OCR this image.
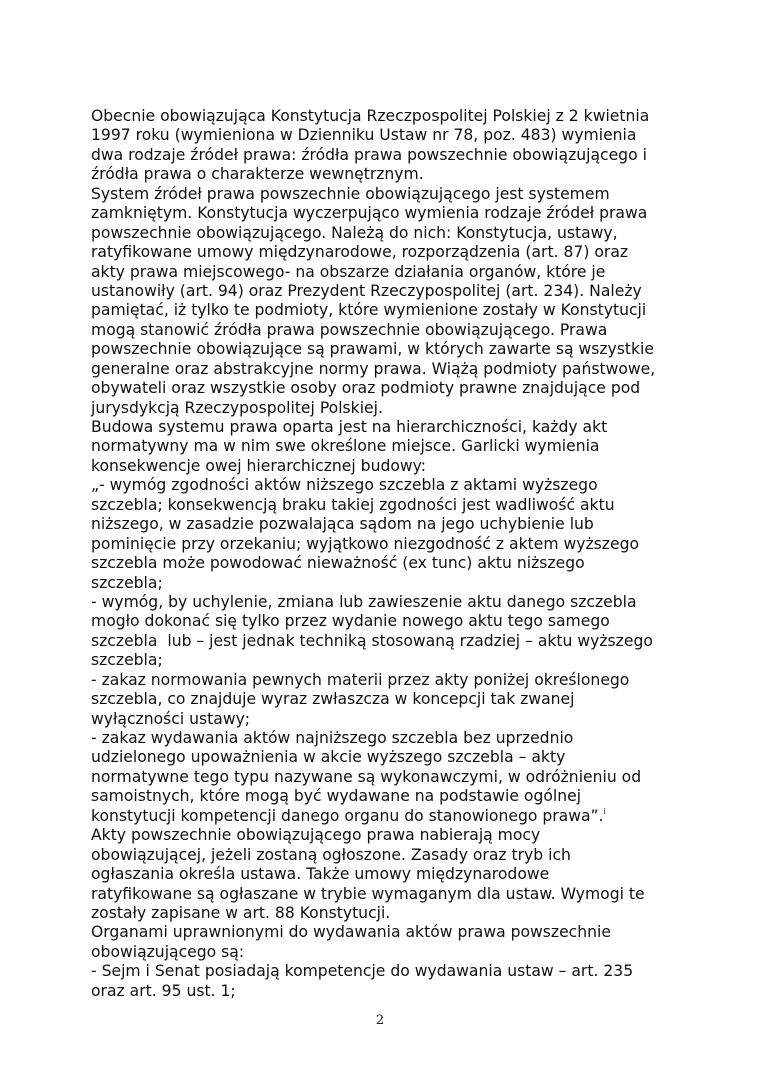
Obecnie obowiązująca Konstytucja Rzeczpospolitej Polskiej z 2 kwietnia
1997 roku (wymieniona w Dzienniku Ustaw nr 78, poz. 483) wymienia
dwa rodzaje źródeł prawa: źródła prawa powszechnie obowiązującego i
źródła prawa o charakterze wewnętrznym.
System źródeł prawa powszechnie obowiązującego jest systemem
zamkniętym. Konstytucja wyczerpująco wymienia rodzaje źródeł prawa
powszechnie obowiązującego. Należą do nich: Konstytucja, ustawy,
ratyfikowane umowy międzynarodowe, rozporządzenia (art. 87) oraz
akty prawa miejscowego- na obszarze działania organów, które je
ustanowiły (art. 94) oraz Prezydent Rzeczypospolitej (art. 234). Należy
pamiętać, iż tylko te podmioty, które wymienione zostały w Konstytucji
mogą stanowić źródła prawa powszechnie obowiązującego. Prawa
powszechnie obowiązujące są prawami, w których zawarte są wszystkie
generalne oraz abstrakcyjne normy prawa. Wiążą podmioty państwowe,
obywateli oraz wszystkie osoby oraz podmioty prawne znajdujące pod
jurysdykcją Rzeczypospolitej Polskiej.
Budowa systemu prawa oparta jest na hierarchiczności, każdy akt
normatywny ma w nim swe określone miejsce. Garlicki wymienia
konsekwencje owej hierarchicznej budowy:
„- wymóg zgodności aktów niższego szczebla z aktami wyższego
szczebla; konsekwencją braku takiej zgodności jest wadliwość aktu
niższego, w zasadzie pozwalająca sądom na jego uchybienie lub
pominięcie przy orzekaniu; wyjątkowo niezgodność z aktem wyższego
szczebla może powodować nieważność (ex tunc) aktu niższego
szczebla;
- wymóg, by uchylenie, zmiana lub zawieszenie aktu danego szczebla
mogło dokonać się tylko przez wydanie nowego aktu tego samego
szczebla  lub – jest jednak techniką stosowaną rzadziej – aktu wyższego
szczebla;
- zakaz normowania pewnych materii przez akty poniżej określonego
szczebla, co znajduje wyraz zwłaszcza w koncepcji tak zwanej
wyłączności ustawy;
- zakaz wydawania aktów najniższego szczebla bez uprzednio
udzielonego upoważnienia w akcie wyższego szczebla – akty
normatywne tego typu nazywane są wykonawczymi, w odróżnieniu od
samoistnych, które mogą być wydawane na podstawie ogólnej
konstytucji kompetencji danego organu do stanowionego prawa”.$^i$
Akty powszechnie obowiązującego prawa nabierają mocy
obowiązującej, jeżeli zostaną ogłoszone. Zasady oraz tryb ich
ogłaszania określa ustawa. Także umowy międzynarodowe
ratyfikowane są ogłaszane w trybie wymaganym dla ustaw. Wymogi te
zostały zapisane w art. 88 Konstytucji.
Organami uprawnionymi do wydawania aktów prawa powszechnie
obowiązującego są:
- Sejm i Senat posiadają kompetencje do wydawania ustaw – art. 235
oraz art. 95 ust. 1;
2
